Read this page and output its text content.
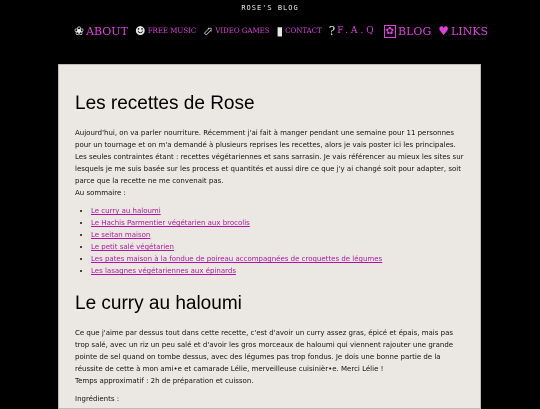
ROSE'S BLOG
❀ ABOUT ☻ FREE MUSIC ⬀ VIDEO GAMES ▮ CONTACT ? F.A.Q ✿ BLOG ♥ LINKS
Les recettes de Rose

Aujourd'hui, on va parler nourriture. Récemment j'ai fait à manger pendant une semaine pour 11 personnes pour un tournage et on m'a demandé à plusieurs reprises les recettes, alors je vais poster ici les principales. Les seules contraintes étant : recettes végétariennes et sans sarrasin. Je vais référencer au mieux les sites sur lesquels je me suis basée sur les process et quantités et aussi dire ce que j'y ai changé soit pour adapter, soit parce que la recette ne me convenait pas.

Au sommaire :

• Le curry au haloumi
• Le Hachis Parmentier végétarien aux brocolis
• Le seitan maison
• Le petit salé végétarien
• Les pates maison à la fondue de poireau accompagnées de croquettes de légumes
• Les lasagnes végétariennes aux épinards
Le curry au haloumi

Ce que j'aime par dessus tout dans cette recette, c'est d'avoir un curry assez gras, épicé et épais, mais pas trop salé, avec un riz un peu salé et d'avoir les gros morceaux de haloumi qui viennent rajouter une grande pointe de sel quand on tombe dessus, avec des légumes pas trop fondus. Je dois une bonne partie de la réussite de cette à mon ami•e et camarade Lélie, merveilleuse cuisinièr•e. Merci Lélie !

Temps approximatif : 2h de préparation et cuisson.

Ingrédients :
